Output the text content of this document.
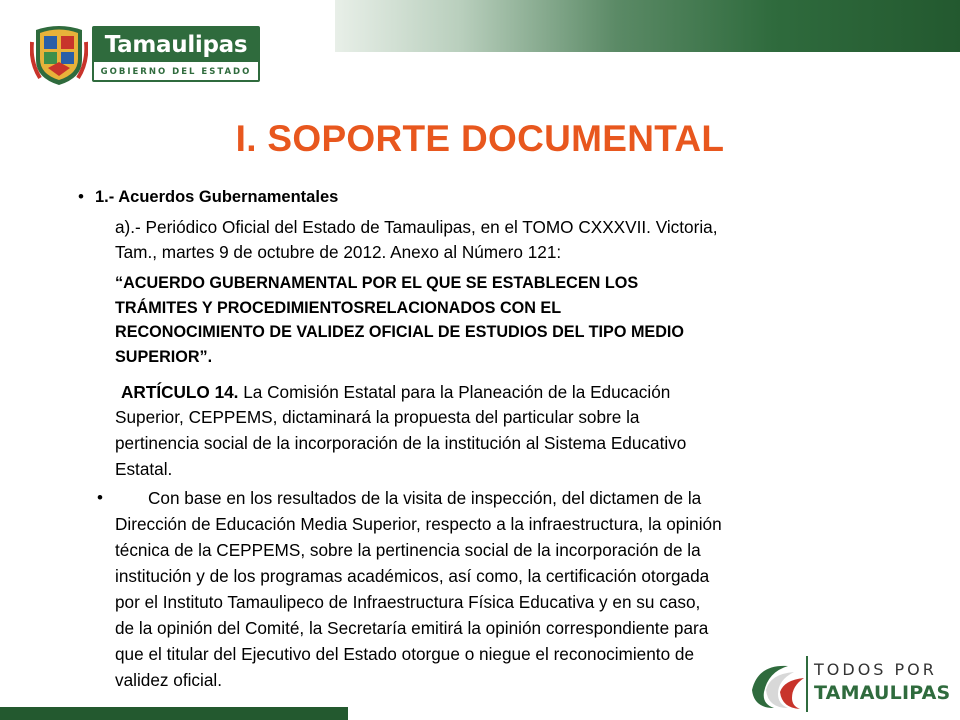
Tamaulipas
GOBIERNO DEL ESTADO
I. SOPORTE DOCUMENTAL
• 1.- Acuerdos Gubernamentales
a).- Periódico Oficial del Estado de Tamaulipas, en el TOMO CXXXVII. Victoria,
Tam., martes 9 de octubre de 2012. Anexo al Número 121:
“ACUERDO GUBERNAMENTAL POR EL QUE SE ESTABLECEN LOS
TRÁMITES Y PROCEDIMIENTOSRELACIONADOS CON EL
RECONOCIMIENTO DE VALIDEZ OFICIAL DE ESTUDIOS DEL TIPO MEDIO
SUPERIOR”.
ARTÍCULO 14. La Comisión Estatal para la Planeación de la Educación
Superior, CEPPEMS, dictaminará la propuesta del particular sobre la
pertinencia social de la incorporación de la institución al Sistema Educativo
Estatal.
•	Con base en los resultados de la visita de inspección, del dictamen de la
Dirección de Educación Media Superior, respecto a la infraestructura, la opinión
técnica de la CEPPEMS, sobre la pertinencia social de la incorporación de la
institución y de los programas académicos, así como, la certificación otorgada
por el Instituto Tamaulipeco de Infraestructura Física Educativa y en su caso,
de la opinión del Comité, la Secretaría emitirá la opinión correspondiente para
que el titular del Ejecutivo del Estado otorgue o niegue el reconocimiento de
validez oficial.
TODOS POR
TAMAULIPAS
